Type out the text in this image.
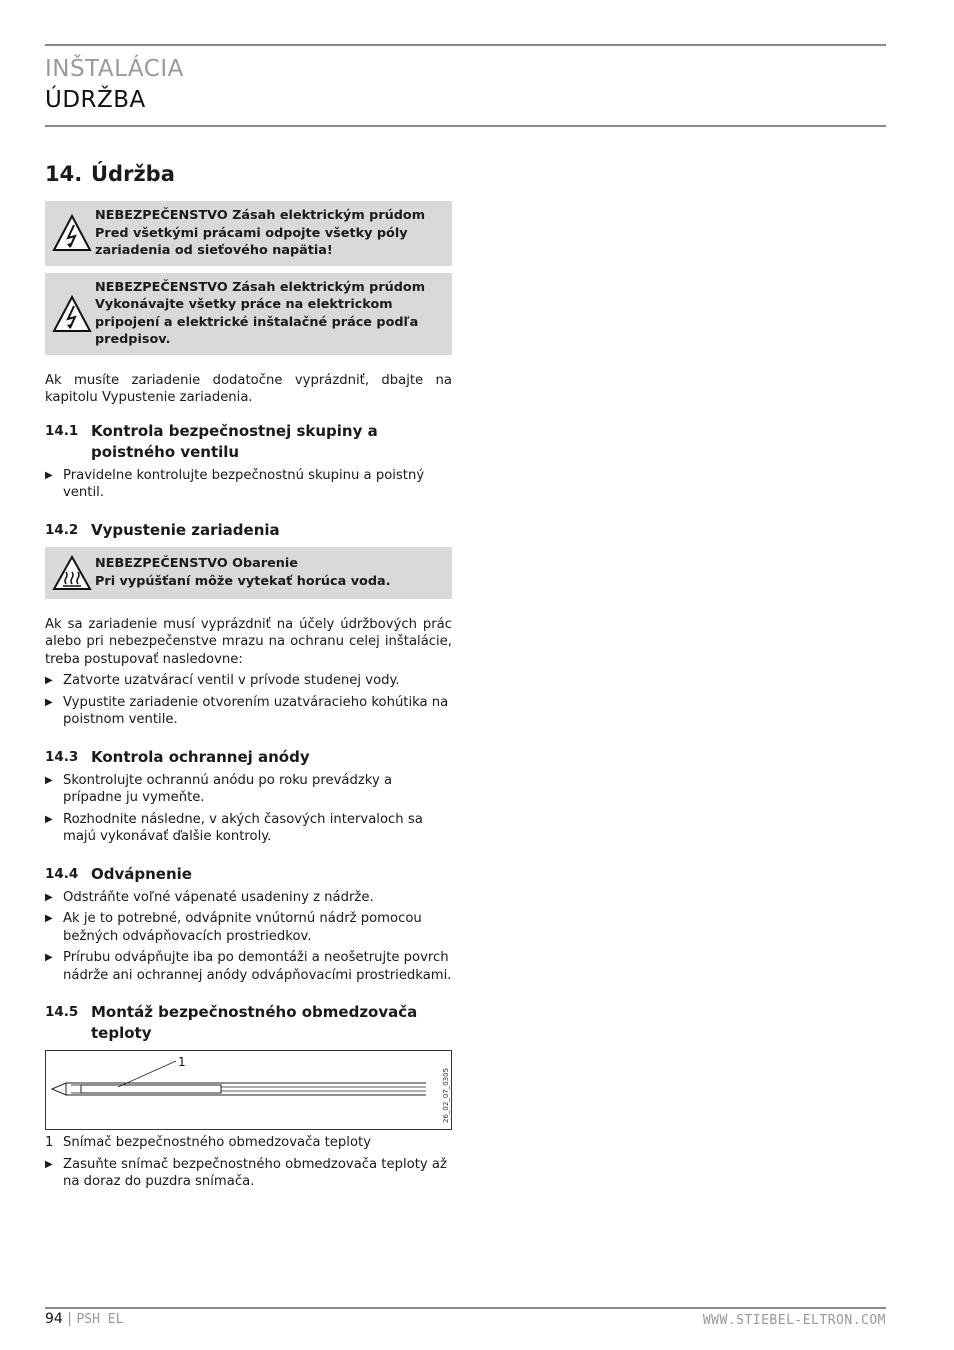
INŠTALÁCIA
ÚDRŽBA
14. Údržba
NEBEZPEČENSTVO Zásah elektrickým prúdom
Pred všetkými prácami odpojte všetky póly zariadenia od sieťového napätia!
NEBEZPEČENSTVO Zásah elektrickým prúdom
Vykonávajte všetky práce na elektrickom pripojení a elektrické inštalačné práce podľa predpisov.

Ak musíte zariadenie dodatočne vyprázdniť, dbajte na kapitolu Vypustenie zariadenia.

14.1 Kontrola bezpečnostnej skupiny a poistného ventilu
▶ Pravidelne kontrolujte bezpečnostnú skupinu a poistný ventil.
14.2 Vypustenie zariadenia
NEBEZPEČENSTVO Obarenie
Pri vypúšťaní môže vytekať horúca voda.

Ak sa zariadenie musí vyprázdniť na účely údržbových prác alebo pri nebezpečenstve mrazu na ochranu celej inštalácie, treba postupovať nasledovne:

▶ Zatvorte uzatvárací ventil v prívode studenej vody.
▶ Vypustite zariadenie otvorením uzatváracieho kohútika na poistnom ventile.
14.3 Kontrola ochrannej anódy
▶ Skontrolujte ochrannú anódu po roku prevádzky a prípadne ju vymeňte.
▶ Rozhodnite následne, v akých časových intervaloch sa majú vykonávať ďalšie kontroly.
14.4 Odvápnenie
▶ Odstráňte voľné vápenaté usadeniny z nádrže.
▶ Ak je to potrebné, odvápnite vnútornú nádrž pomocou bežných odvápňovacích prostriedkov.
▶ Prírubu odvápňujte iba po demontáži a neošetrujte povrch nádrže ani ochrannej anódy odvápňovacími prostriedkami.
14.5 Montáž bezpečnostného obmedzovača teploty
1
26_02_07_0305
1 Snímač bezpečnostného obmedzovača teploty
▶ Zasuňte snímač bezpečnostného obmedzovača teploty až na doraz do puzdra snímača.
94 | PSH EL	WWW.STIEBEL-ELTRON.COM
